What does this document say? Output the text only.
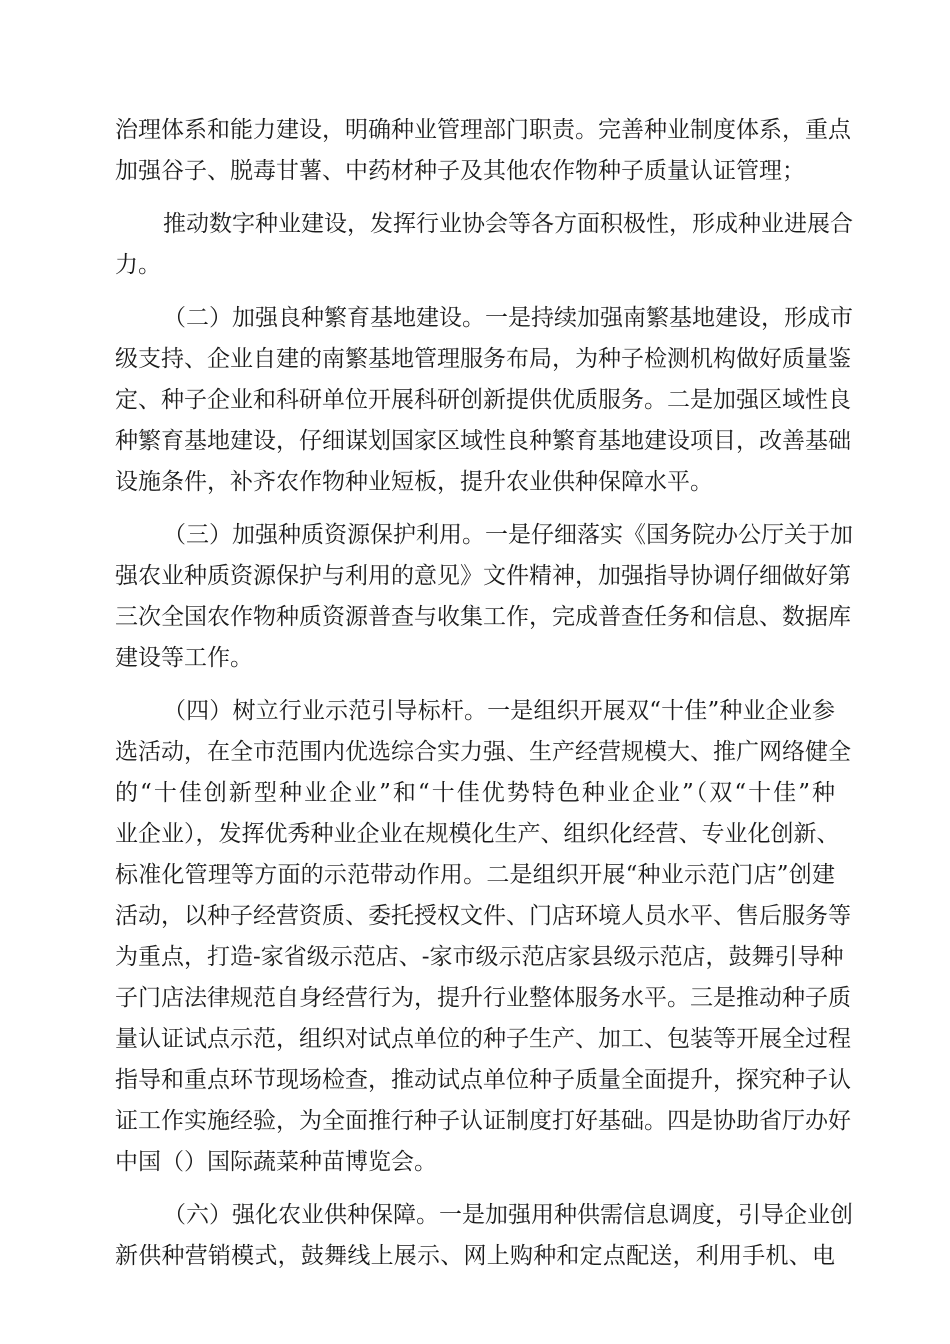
治理体系和能力建设，明确种业管理部门职责。完善种业制度体系，重点
加强谷子、脱毒甘薯、中药材种子及其他农作物种子质量认证管理；
推动数字种业建设，发挥行业协会等各方面积极性，形成种业进展合
力。
（二）加强良种繁育基地建设。一是持续加强南繁基地建设，形成市
级支持、企业自建的南繁基地管理服务布局，为种子检测机构做好质量鉴
定、种子企业和科研单位开展科研创新提供优质服务。二是加强区域性良
种繁育基地建设，仔细谋划国家区域性良种繁育基地建设项目，改善基础
设施条件，补齐农作物种业短板，提升农业供种保障水平。
（三）加强种质资源保护利用。一是仔细落实《国务院办公厅关于加
强农业种质资源保护与利用的意见》文件精神，加强指导协调仔细做好第
三次全国农作物种质资源普查与收集工作，完成普查任务和信息、数据库
建设等工作。
（四）树立行业示范引导标杆。一是组织开展双“十佳”种业企业参
选活动，在全市范围内优选综合实力强、生产经营规模大、推广网络健全
的“十佳创新型种业企业”和“十佳优势特色种业企业”（双“十佳”种
业企业），发挥优秀种业企业在规模化生产、组织化经营、专业化创新、
标准化管理等方面的示范带动作用。二是组织开展“种业示范门店”创建
活动，以种子经营资质、委托授权文件、门店环境人员水平、售后服务等
为重点，打造-家省级示范店、-家市级示范店家县级示范店，鼓舞引导种
子门店法律规范自身经营行为，提升行业整体服务水平。三是推动种子质
量认证试点示范，组织对试点单位的种子生产、加工、包装等开展全过程
指导和重点环节现场检查，推动试点单位种子质量全面提升，探究种子认
证工作实施经验，为全面推行种子认证制度打好基础。四是协助省厅办好
中国（）国际蔬菜种苗博览会。
（六）强化农业供种保障。一是加强用种供需信息调度，引导企业创
新供种营销模式，鼓舞线上展示、网上购种和定点配送，利用手机、电
